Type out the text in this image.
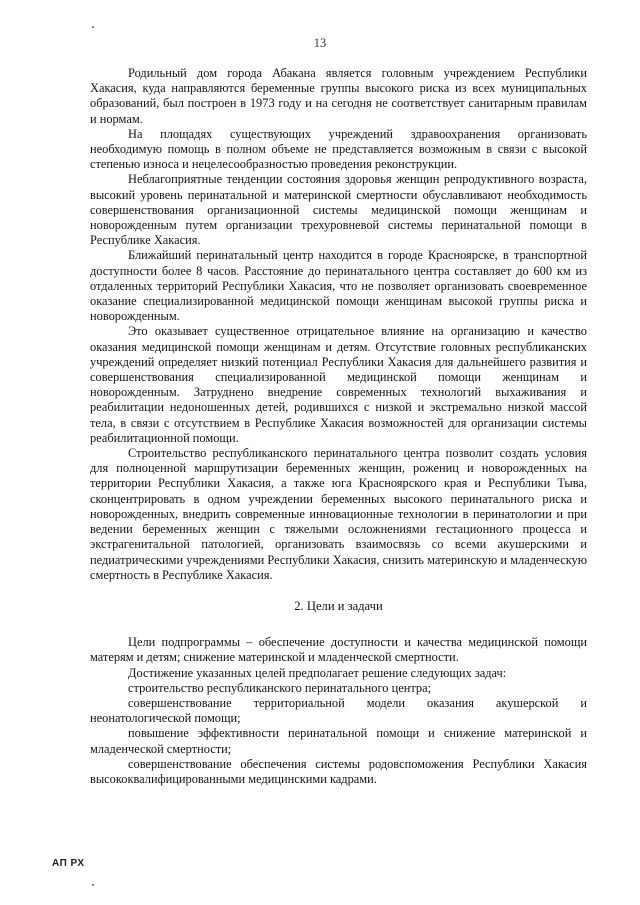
13

Родильный дом города Абакана является головным учреждением Республики Хакасия, куда направляются беременные группы высокого риска из всех муниципальных образований, был построен в 1973 году и на сегодня не соответствует санитарным правилам и нормам.

На площадях существующих учреждений здравоохранения организовать необходимую помощь в полном объеме не представляется возможным в связи с высокой степенью износа и нецелесообразностью проведения реконструкции.

Неблагоприятные тенденции состояния здоровья женщин репродуктивного возраста, высокий уровень перинатальной и материнской смертности обуславливают необходимость совершенствования организационной системы медицинской помощи женщинам и новорожденным путем организации трехуровневой системы перинатальной помощи в Республике Хакасия.

Ближайший перинатальный центр находится в городе Красноярске, в транспортной доступности более 8 часов. Расстояние до перинатального центра составляет до 600 км из отдаленных территорий Республики Хакасия, что не позволяет организовать своевременное оказание специализированной медицинской помощи женщинам высокой группы риска и новорожденным.

Это оказывает существенное отрицательное влияние на организацию и качество оказания медицинской помощи женщинам и детям. Отсутствие головных республиканских учреждений определяет низкий потенциал Республики Хакасия для дальнейшего развития и совершенствования специализированной медицинской помощи женщинам и новорожденным. Затруднено внедрение современных технологий выхаживания и реабилитации недоношенных детей, родившихся с низкой и экстремально низкой массой тела, в связи с отсутствием в Республике Хакасия возможностей для организации системы реабилитационной помощи.

Строительство республиканского перинатального центра позволит создать условия для полноценной маршрутизации беременных женщин, рожениц и новорожденных на территории Республики Хакасия, а также юга Красноярского края и Республики Тыва, сконцентрировать в одном учреждении беременных высокого перинатального риска и новорожденных, внедрить современные инновационные технологии в перинатологии и при ведении беременных женщин с тяжелыми осложнениями гестационного процесса и экстрагенитальной патологией, организовать взаимосвязь со всеми акушерскими и педиатрическими учреждениями Республики Хакасия, снизить материнскую и младенческую смертность в Республике Хакасия.

2. Цели и задачи

Цели подпрограммы – обеспечение доступности и качества медицинской помощи матерям и детям; снижение материнской и младенческой смертности.

Достижение указанных целей предполагает решение следующих задач:

строительство республиканского перинатального центра;

совершенствование территориальной модели оказания акушерской и неонатологической помощи;

повышение эффективности перинатальной помощи и снижение материнской и младенческой смертности;

совершенствование обеспечения системы родовспоможения Республики Хакасия высококвалифицированными медицинскими кадрами.

АП РХ
